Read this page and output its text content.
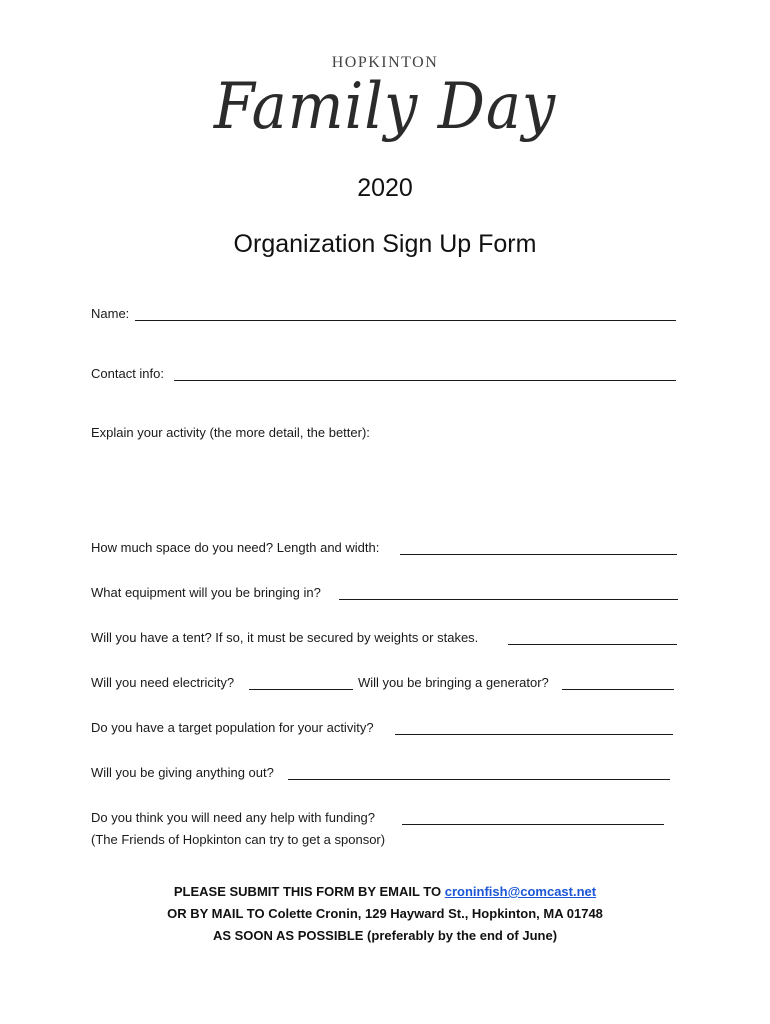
HOPKINTON
Family Day
2020
Organization Sign Up Form
Name:
Contact info:
Explain your activity (the more detail, the better):
How much space do you need? Length and width:
What equipment will you be bringing in?
Will you have a tent? If so, it must be secured by weights or stakes.
Will you need electricity?	Will you be bringing a generator?
Do you have a target population for your activity?
Will you be giving anything out?
Do you think you will need any help with funding?
(The Friends of Hopkinton can try to get a sponsor)
PLEASE SUBMIT THIS FORM BY EMAIL TO croninfish@comcast.net
OR BY MAIL TO Colette Cronin, 129 Hayward St., Hopkinton, MA 01748
AS SOON AS POSSIBLE (preferably by the end of June)
